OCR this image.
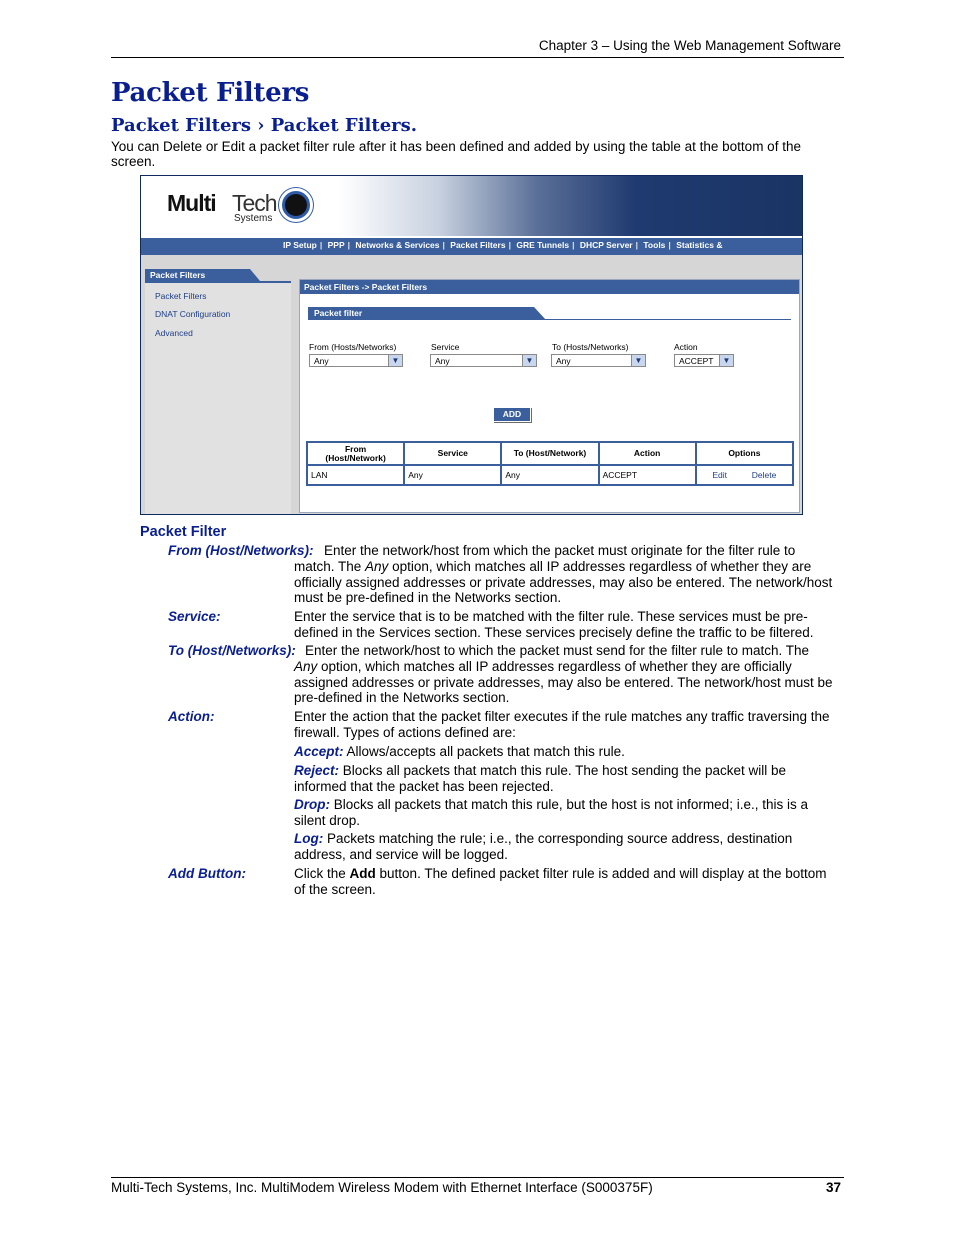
Chapter 3 – Using the Web Management Software
Packet Filters
Packet Filters › Packet Filters.
You can Delete or Edit a packet filter rule after it has been defined and added by using the table at the bottom of the screen.
Multi Tech
Systems
IP Setup | PPP | Networks & Services | Packet Filters | GRE Tunnels | DHCP Server | Tools | Statistics &
Packet Filters
Packet Filters
DNAT Configuration
Advanced
Packet Filters -> Packet Filters
Packet filter
From (Hosts/Networks)	Service	To (Hosts/Networks)	Action
Any	▼	Any	▼	Any	▼	ACCEPT	▼
ADD
From
(Host/Network)	Service	To (Host/Network)	Action	Options
LAN	Any	Any	ACCEPT	Edit Delete
Packet Filter
From (Host/Networks): Enter the network/host from which the packet must originate for the filter rule to
match. The Any option, which matches all IP addresses regardless of whether they are officially assigned addresses or private addresses, may also be entered. The network/host must be pre-defined in the Networks section.
Service:	Enter the service that is to be matched with the filter rule. These services must be pre-defined in the Services section. These services precisely define the traffic to be filtered.
To (Host/Networks): Enter the network/host to which the packet must send for the filter rule to match. The
Any option, which matches all IP addresses regardless of whether they are officially assigned addresses or private addresses, may also be entered. The network/host must be pre-defined in the Networks section.
Action:	Enter the action that the packet filter executes if the rule matches any traffic traversing the firewall. Types of actions defined are:
Accept: Allows/accepts all packets that match this rule.
Reject: Blocks all packets that match this rule. The host sending the packet will be informed that the packet has been rejected.
Drop: Blocks all packets that match this rule, but the host is not informed; i.e., this is a silent drop.
Log: Packets matching the rule; i.e., the corresponding source address, destination address, and service will be logged.
Add Button:	Click the Add button. The defined packet filter rule is added and will display at the bottom of the screen.
Multi-Tech Systems, Inc. MultiModem Wireless Modem with Ethernet Interface (S000375F)	37
